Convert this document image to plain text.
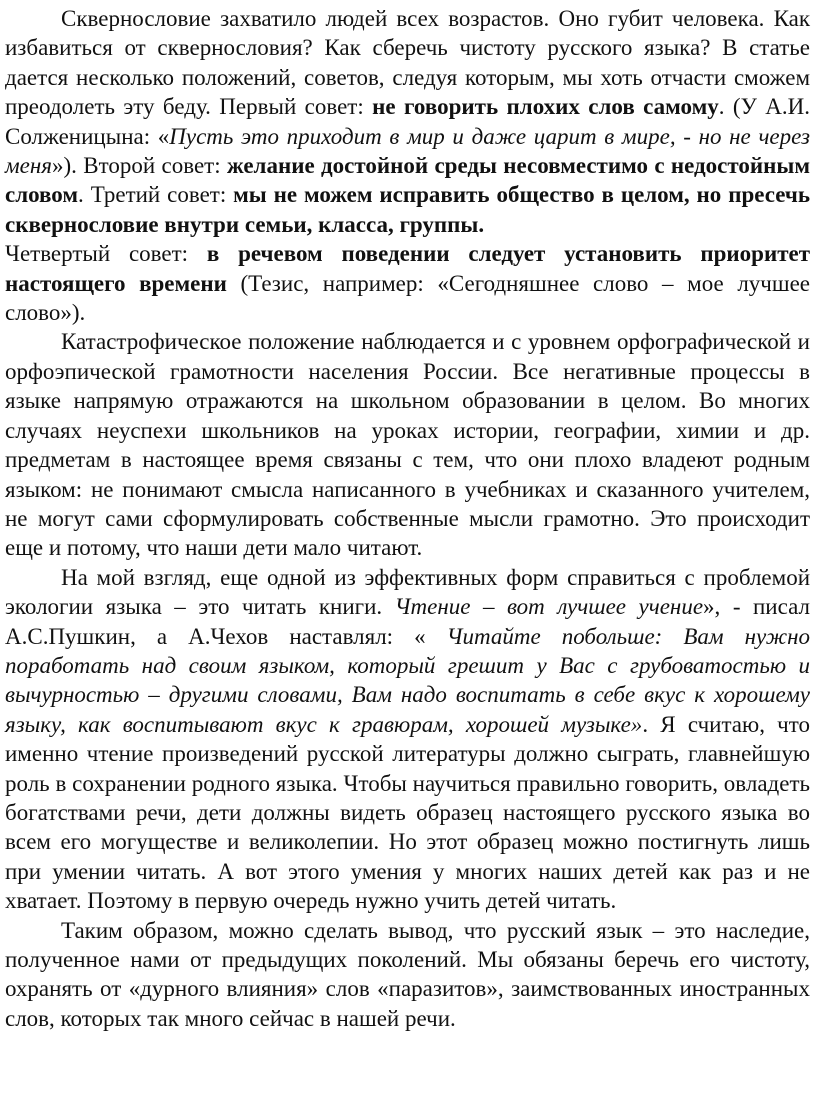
Сквернословие захватило людей всех возрастов. Оно губит человека. Как избавиться от сквернословия? Как сберечь чистоту русского языка? В статье дается несколько положений, советов, следуя которым, мы хоть отчасти сможем преодолеть эту беду. Первый совет: не говорить плохих слов самому. (У А.И. Солженицына: «Пусть это приходит в мир и даже царит в мире, - но не через меня»). Второй совет: желание достойной среды несовместимо с недостойным словом. Третий совет: мы не можем исправить общество в целом, но пресечь сквернословие внутри семьи, класса, группы.

Четвертый совет: в речевом поведении следует установить приоритет настоящего времени (Тезис, например: «Сегодняшнее слово – мое лучшее слово»).

Катастрофическое положение наблюдается и с уровнем орфографической и орфоэпической грамотности населения России. Все негативные процессы в языке напрямую отражаются на школьном образовании в целом. Во многих случаях неуспехи школьников на уроках истории, географии, химии и др. предметам в настоящее время связаны с тем, что они плохо владеют родным языком: не понимают смысла написанного в учебниках и сказанного учителем, не могут сами сформулировать собственные мысли грамотно. Это происходит еще и потому, что наши дети мало читают.

На мой взгляд, еще одной из эффективных форм справиться с проблемой экологии языка – это читать книги. Чтение – вот лучшее учение», - писал А.С.Пушкин, а А.Чехов наставлял: « Читайте побольше: Вам нужно поработать над своим языком, который грешит у Вас с грубоватостью и вычурностью – другими словами, Вам надо воспитать в себе вкус к хорошему языку, как воспитывают вкус к гравюрам, хорошей музыке». Я считаю, что именно чтение произведений русской литературы должно сыграть, главнейшую роль в сохранении родного языка. Чтобы научиться правильно говорить, овладеть богатствами речи, дети должны видеть образец настоящего русского языка во всем его могуществе и великолепии. Но этот образец можно постигнуть лишь при умении читать. А вот этого умения у многих наших детей как раз и не хватает. Поэтому в первую очередь нужно учить детей читать.

Таким образом, можно сделать вывод, что русский язык – это наследие, полученное нами от предыдущих поколений. Мы обязаны беречь его чистоту, охранять от «дурного влияния» слов «паразитов», заимствованных иностранных слов, которых так много сейчас в нашей речи.
